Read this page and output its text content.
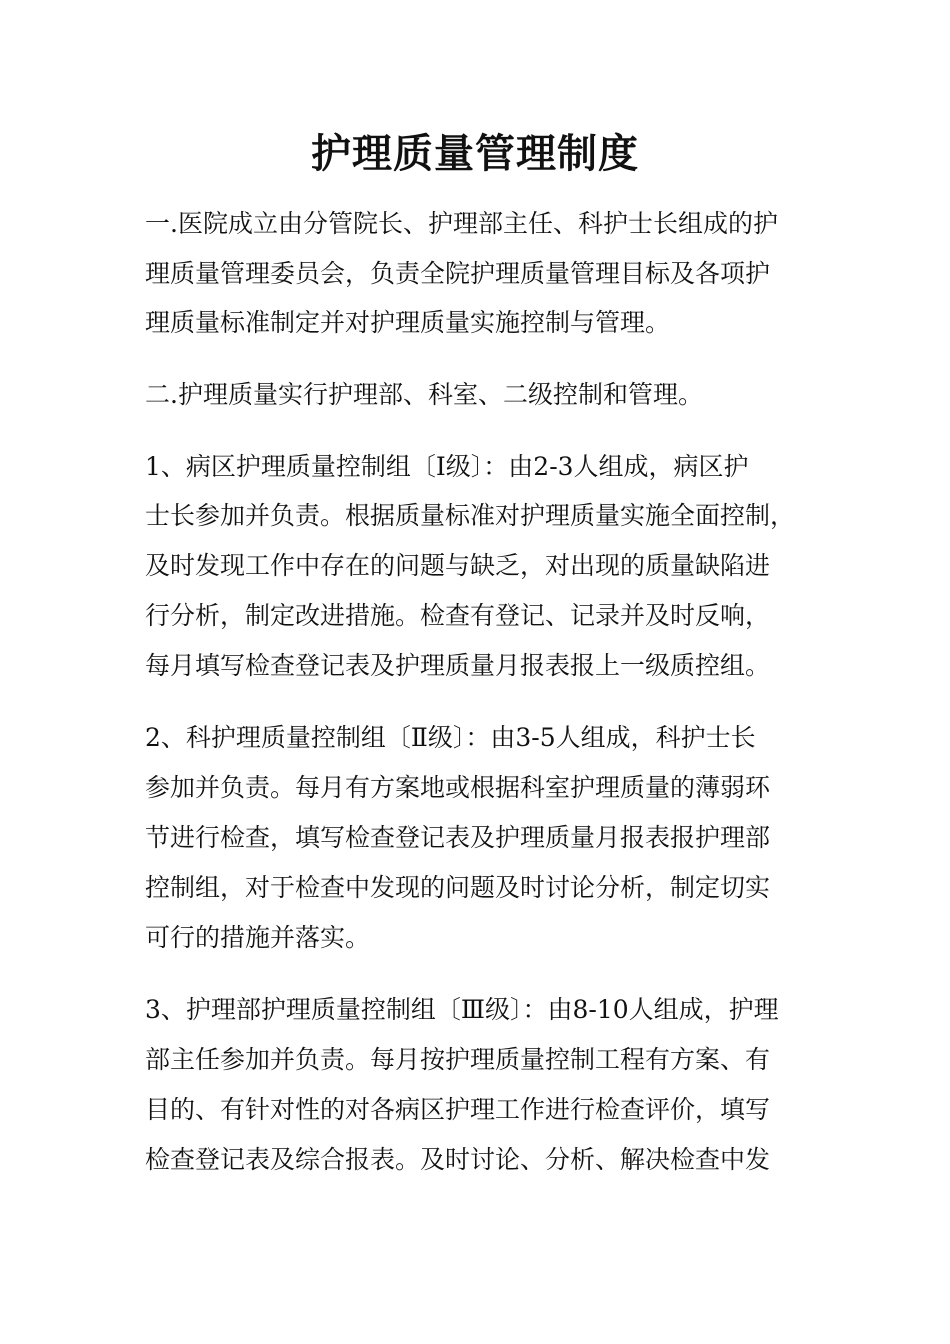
护理质量管理制度

一.医院成立由分管院长、护理部主任、科护士长组成的护

理质量管理委员会，负责全院护理质量管理目标及各项护

理质量标准制定并对护理质量实施控制与管理。

二.护理质量实行护理部、科室、二级控制和管理。

1、病区护理质量控制组〔Ⅰ级〕：由2-3人组成，病区护

士长参加并负责。根据质量标准对护理质量实施全面控制，

及时发现工作中存在的问题与缺乏，对出现的质量缺陷进

行分析，制定改进措施。检查有登记、记录并及时反响，

每月填写检查登记表及护理质量月报表报上一级质控组。

2、科护理质量控制组〔Ⅱ级〕：由3-5人组成，科护士长

参加并负责。每月有方案地或根据科室护理质量的薄弱环

节进行检查，填写检查登记表及护理质量月报表报护理部

控制组，对于检查中发现的问题及时讨论分析，制定切实

可行的措施并落实。

3、护理部护理质量控制组〔Ⅲ级〕：由8-10人组成，护理

部主任参加并负责。每月按护理质量控制工程有方案、有

目的、有针对性的对各病区护理工作进行检查评价，填写

检查登记表及综合报表。及时讨论、分析、解决检查中发
